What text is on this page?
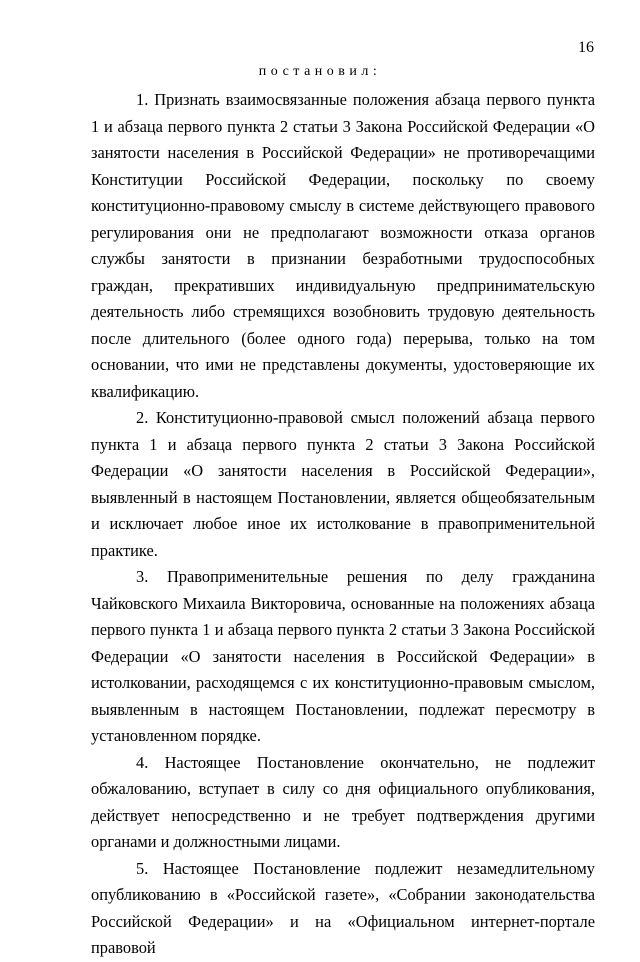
16
постановил:

1. Признать взаимосвязанные положения абзаца первого пункта 1 и абзаца первого пункта 2 статьи 3 Закона Российской Федерации «О занятости населения в Российской Федерации» не противоречащими Конституции Российской Федерации, поскольку по своему конституционно-правовому смыслу в системе действующего правового регулирования они не предполагают возможности отказа органов службы занятости в признании безработными трудоспособных граждан, прекративших индивидуальную предпринимательскую деятельность либо стремящихся возобновить трудовую деятельность после длительного (более одного года) перерыва, только на том основании, что ими не представлены документы, удостоверяющие их квалификацию.

2. Конституционно-правовой смысл положений абзаца первого пункта 1 и абзаца первого пункта 2 статьи 3 Закона Российской Федерации «О занятости населения в Российской Федерации», выявленный в настоящем Постановлении, является общеобязательным и исключает любое иное их истолкование в правоприменительной практике.

3. Правоприменительные решения по делу гражданина Чайковского Михаила Викторовича, основанные на положениях абзаца первого пункта 1 и абзаца первого пункта 2 статьи 3 Закона Российской Федерации «О занятости населения в Российской Федерации» в истолковании, расходящемся с их конституционно-правовым смыслом, выявленным в настоящем Постановлении, подлежат пересмотру в установленном порядке.

4. Настоящее Постановление окончательно, не подлежит обжалованию, вступает в силу со дня официального опубликования, действует непосредственно и не требует подтверждения другими органами и должностными лицами.

5. Настоящее Постановление подлежит незамедлительному опубликованию в «Российской газете», «Собрании законодательства Российской Федерации» и на «Официальном интернет-портале правовой
